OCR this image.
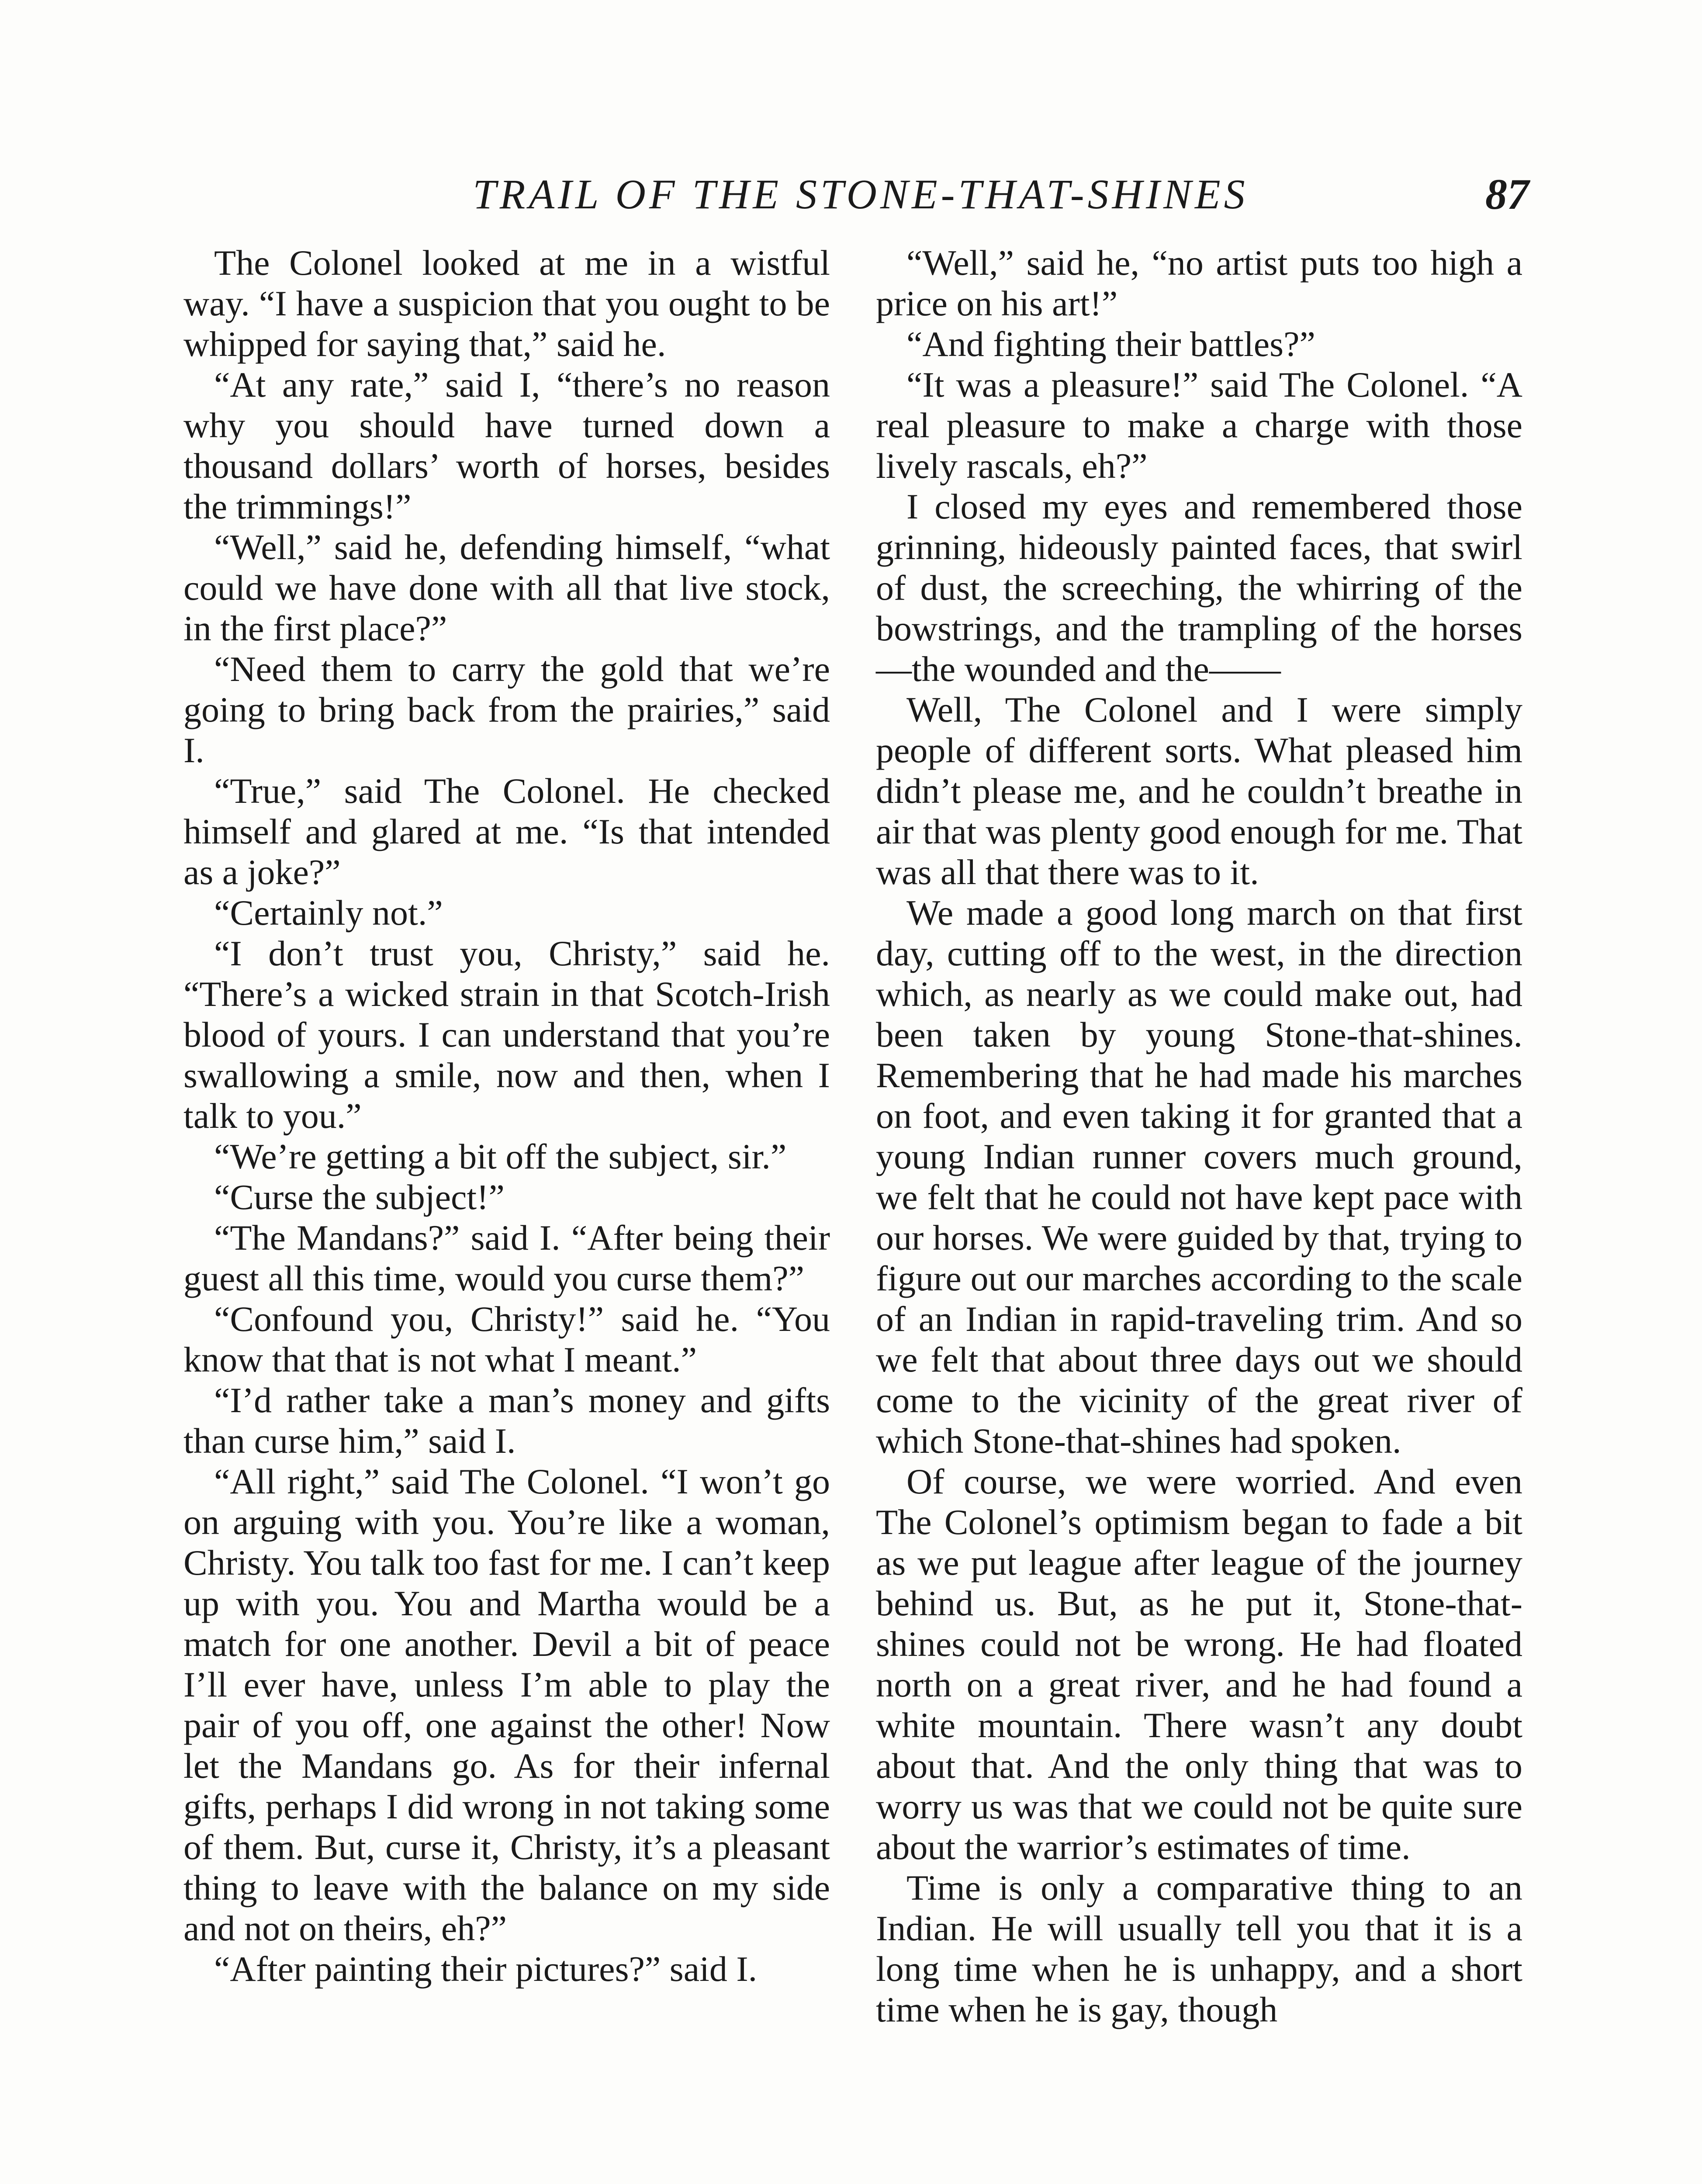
TRAIL OF THE STONE-THAT-SHINES	87

The Colonel looked at me in a wistful way. “I have a suspicion that you ought to be whipped for saying that,” said he.

“At any rate,” said I, “there’s no reason why you should have turned down a thousand dollars’ worth of horses, besides the trimmings!”

“Well,” said he, defending himself, “what could we have done with all that live stock, in the first place?”

“Need them to carry the gold that we’re going to bring back from the prairies,” said I.

“True,” said The Colonel. He checked himself and glared at me. “Is that intended as a joke?”

“Certainly not.”

“I don’t trust you, Christy,” said he. “There’s a wicked strain in that Scotch-Irish blood of yours. I can understand that you’re swallowing a smile, now and then, when I talk to you.”

“We’re getting a bit off the subject, sir.”

“Curse the subject!”

“The Mandans?” said I. “After being their guest all this time, would you curse them?”

“Confound you, Christy!” said he. “You know that that is not what I meant.”

“I’d rather take a man’s money and gifts than curse him,” said I.

“All right,” said The Colonel. “I won’t go on arguing with you. You’re like a woman, Christy. You talk too fast for me. I can’t keep up with you. You and Martha would be a match for one another. Devil a bit of peace I’ll ever have, unless I’m able to play the pair of you off, one against the other! Now let the Mandans go. As for their infernal gifts, perhaps I did wrong in not taking some of them. But, curse it, Christy, it’s a pleasant thing to leave with the balance on my side and not on theirs, eh?”

“After painting their pictures?” said I.

“Well,” said he, “no artist puts too high a price on his art!”

“And fighting their battles?”

“It was a pleasure!” said The Colonel. “A real pleasure to make a charge with those lively rascals, eh?”

I closed my eyes and remembered those grinning, hideously painted faces, that swirl of dust, the screeching, the whirring of the bowstrings, and the trampling of the horses—the wounded and the——

Well, The Colonel and I were simply people of different sorts. What pleased him didn’t please me, and he couldn’t breathe in air that was plenty good enough for me. That was all that there was to it.

We made a good long march on that first day, cutting off to the west, in the direction which, as nearly as we could make out, had been taken by young Stone-that-shines. Remembering that he had made his marches on foot, and even taking it for granted that a young Indian runner covers much ground, we felt that he could not have kept pace with our horses. We were guided by that, trying to figure out our marches according to the scale of an Indian in rapid-traveling trim. And so we felt that about three days out we should come to the vicinity of the great river of which Stone-that-shines had spoken.

Of course, we were worried. And even The Colonel’s optimism began to fade a bit as we put league after league of the journey behind us. But, as he put it, Stone-that-shines could not be wrong. He had floated north on a great river, and he had found a white mountain. There wasn’t any doubt about that. And the only thing that was to worry us was that we could not be quite sure about the warrior’s estimates of time.

Time is only a comparative thing to an Indian. He will usually tell you that it is a long time when he is unhappy, and a short time when he is gay, though
